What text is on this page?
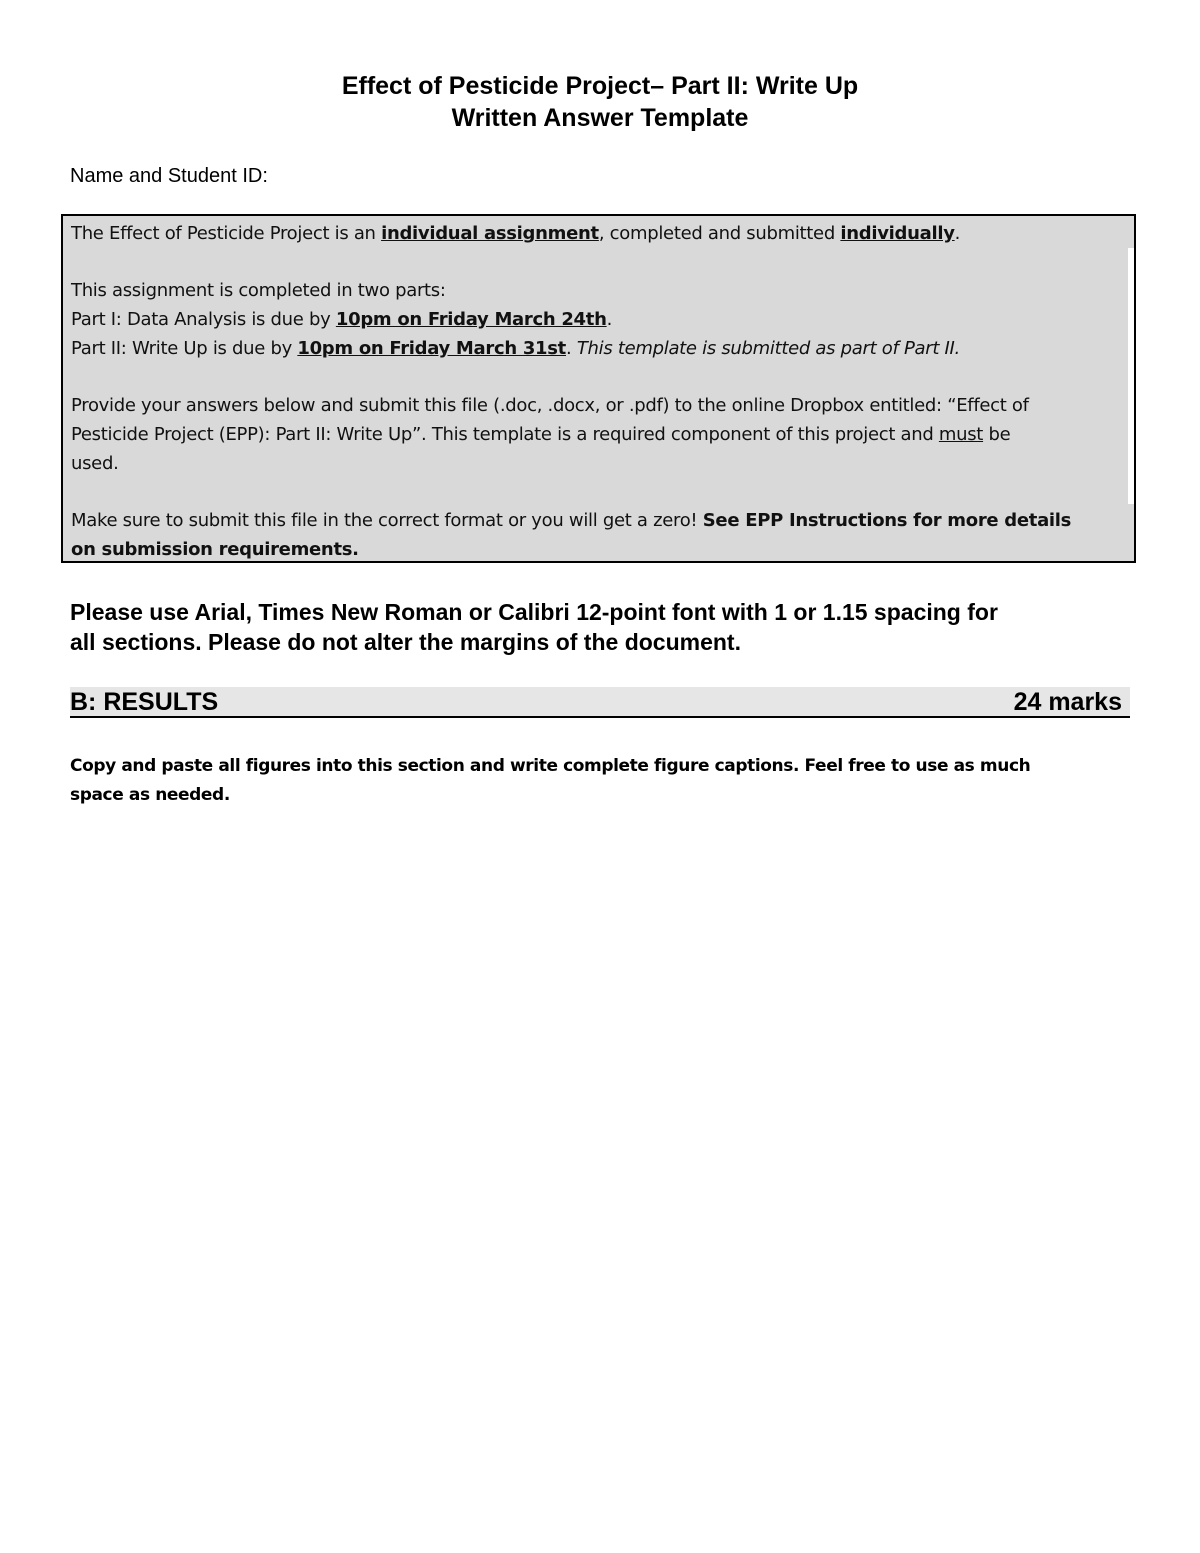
Effect of Pesticide Project– Part II: Write Up
Written Answer Template
Name and Student ID:

The Effect of Pesticide Project is an individual assignment, completed and submitted individually.

This assignment is completed in two parts:

Part I: Data Analysis is due by 10pm on Friday March 24th.

Part II: Write Up is due by 10pm on Friday March 31st. This template is submitted as part of Part II.

Provide your answers below and submit this file (.doc, .docx, or .pdf) to the online Dropbox entitled: “Effect of

Pesticide Project (EPP): Part II: Write Up”. This template is a required component of this project and must be

used.

Make sure to submit this file in the correct format or you will get a zero! See EPP Instructions for more details

on submission requirements.

Please use Arial, Times New Roman or Calibri 12-point font with 1 or 1.15 spacing for
all sections. Please do not alter the margins of the document.
B: RESULTS	24 marks
Copy and paste all figures into this section and write complete figure captions. Feel free to use as much
space as needed.
